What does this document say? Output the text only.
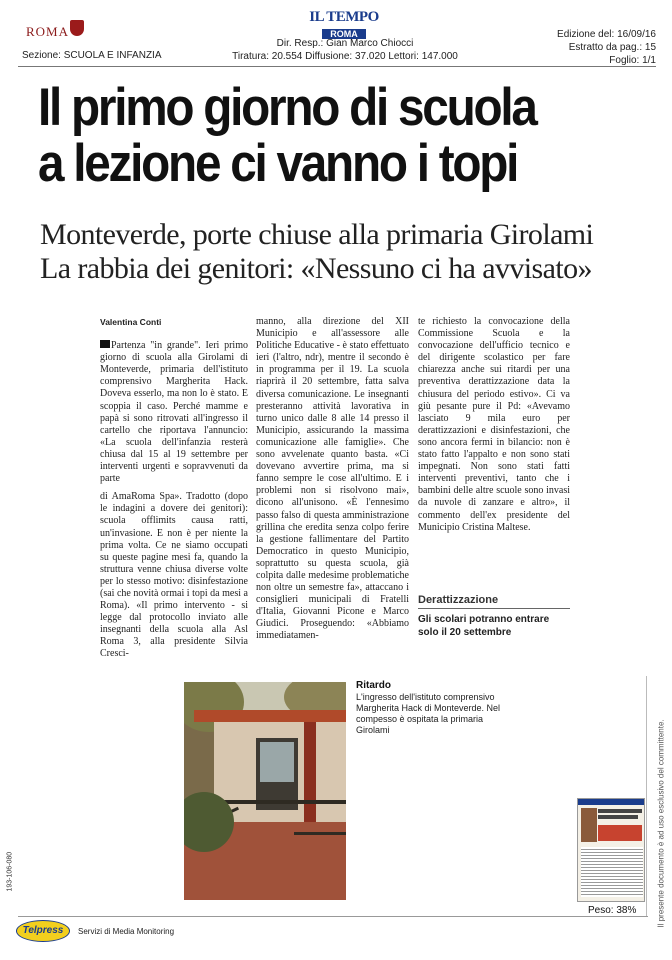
ROMA
Sezione: SCUOLA E INFANZIA
IL TEMPO
ROMA
Dir. Resp.: Gian Marco Chiocci
Tiratura: 20.554 Diffusione: 37.020 Lettori: 147.000
Edizione del: 16/09/16
Estratto da pag.: 15
Foglio: 1/1
Il primo giorno di scuola
a lezione ci vanno i topi
Monteverde, porte chiuse alla primaria Girolami
La rabbia dei genitori: «Nessuno ci ha avvisato»
Valentina Conti

Partenza "in grande". Ieri primo giorno di scuola alla Girolami di Monteverde, primaria dell'istituto comprensivo Margherita Hack. Doveva esserlo, ma non lo è stato. E scoppia il caso. Perché mamme e papà si sono ritrovati all'ingresso il cartello che riportava l'annuncio: «La scuola dell'infanzia resterà chiusa dal 15 al 19 settembre per interventi urgenti e sopravvenuti da parte

di AmaRoma Spa». Tradotto (dopo le indagini a dovere dei genitori): scuola offlimits causa ratti, un'invasione. E non è per niente la prima volta. Ce ne siamo occupati su queste pagine mesi fa, quando la struttura venne chiusa diverse volte per lo stesso motivo: disinfestazione (sai che novità ormai i topi da mesi a Roma). «Il primo intervento - si legge dal protocollo inviato alle insegnanti della scuola alla Asl Roma 3, alla presidente Silvia Cresci-

manno, alla direzione del XII Municipio e all'assessore alle Politiche Educative - è stato effettuato ieri (l'altro, ndr), mentre il secondo è in programma per il 19. La scuola riaprirà il 20 settembre, fatta salva diversa comunicazione. Le insegnanti presteranno attività lavorativa in turno unico dalle 8 alle 14 presso il Municipio, assicurando la massima comunicazione alle famiglie». Che sono avvelenate quanto basta. «Ci dovevano avvertire prima, ma si fanno sempre le cose all'ultimo. E i problemi non si risolvono mai», dicono all'unisono. «È l'ennesimo passo falso di questa amministrazione grillina che eredita senza colpo ferire la gestione fallimentare del Partito Democratico in questo Municipio, soprattutto su questa scuola, già colpita dalle medesime problematiche non oltre un semestre fa», attaccano i consiglieri municipali di Fratelli d'Italia, Giovanni Picone e Marco Giudici. Proseguendo: «Abbiamo immediatamen-

te richiesto la convocazione della Commissione Scuola e la convocazione dell'ufficio tecnico e del dirigente scolastico per fare chiarezza anche sui ritardi per una preventiva derattizzazione data la chiusura del periodo estivo». Ci va giù pesante pure il Pd: «Avevamo lasciato 9 mila euro per derattizzazioni e disinfestazioni, che sono ancora fermi in bilancio: non è stato fatto l'appalto e non sono stati impegnati. Non sono stati fatti interventi preventivi, tanto che i bambini delle altre scuole sono invasi da nuvole di zanzare e altro», il commento dell'ex presidente del Municipio Cristina Maltese.

Derattizzazione
Gli scolari potranno entrare solo il 20 settembre
Ritardo
L'ingresso dell'istituto comprensivo Margherita Hack di Monteverde. Nel compesso è ospitata la primaria Girolami
Peso: 38%
193-106-080	Il presente documento è ad uso esclusivo del committente.
Telpress	Servizi di Media Monitoring
